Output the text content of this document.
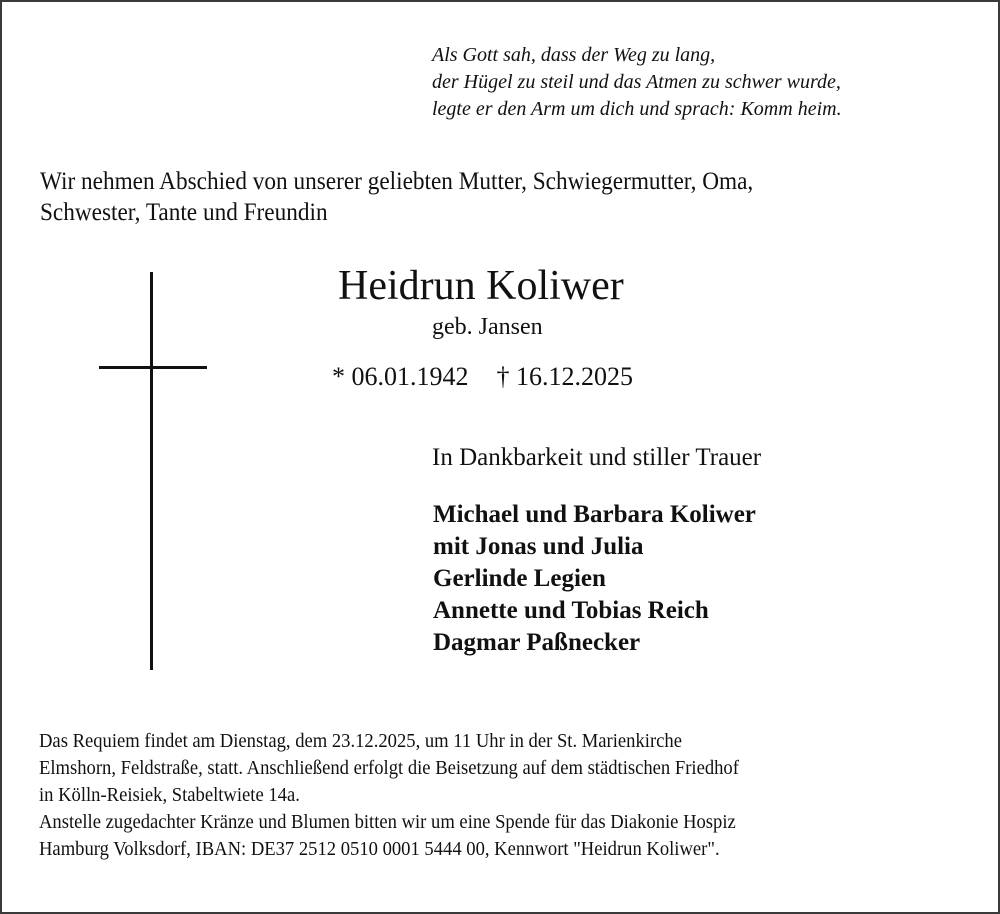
Als Gott sah, dass der Weg zu lang,
der Hügel zu steil und das Atmen zu schwer wurde,
legte er den Arm um dich und sprach: Komm heim.
Wir nehmen Abschied von unserer geliebten Mutter, Schwiegermutter, Oma,
Schwester, Tante und Freundin
Heidrun Koliwer
geb. Jansen
* 06.01.1942 † 16.12.2025
In Dankbarkeit und stiller Trauer
Michael und Barbara Koliwer
mit Jonas und Julia
Gerlinde Legien
Annette und Tobias Reich
Dagmar Paßnecker
Das Requiem findet am Dienstag, dem 23.12.2025, um 11 Uhr in der St. Marienkirche
Elmshorn, Feldstraße, statt. Anschließend erfolgt die Beisetzung auf dem städtischen Friedhof
in Kölln-Reisiek, Stabeltwiete 14a.
Anstelle zugedachter Kränze und Blumen bitten wir um eine Spende für das Diakonie Hospiz
Hamburg Volksdorf, IBAN: DE37 2512 0510 0001 5444 00, Kennwort "Heidrun Koliwer".
